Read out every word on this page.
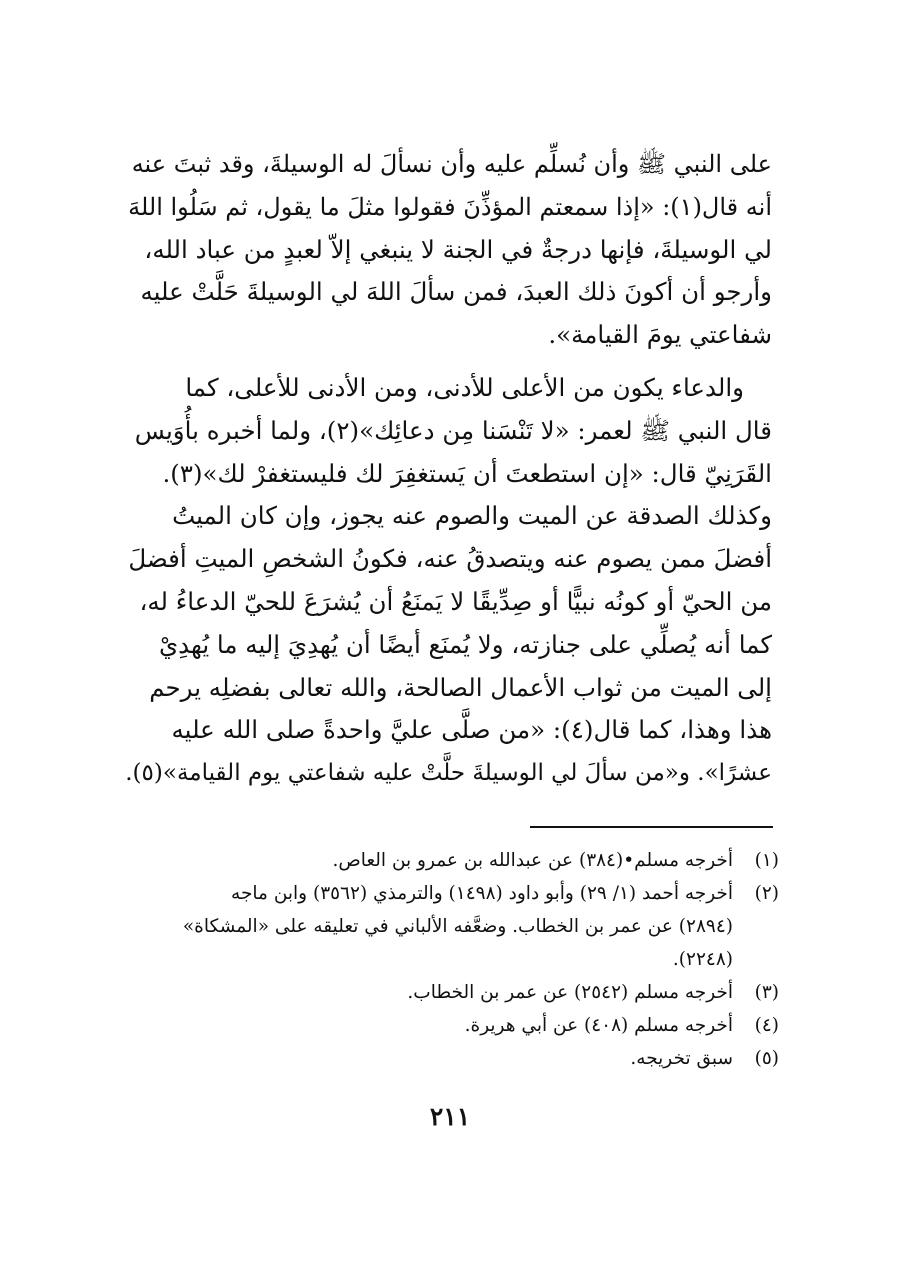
على النبي ﷺ وأن نُسلِّم عليه وأن نسألَ له الوسيلةَ، وقد ثبتَ عنه
أنه قال(١): «إذا سمعتم المؤذِّنَ فقولوا مثلَ ما يقول، ثم سَلُوا اللهَ
لي الوسيلةَ، فإنها درجةٌ في الجنة لا ينبغي إلاّ لعبدٍ من عباد الله،
وأرجو أن أكونَ ذلك العبدَ، فمن سألَ اللهَ لي الوسيلةَ حَلَّتْ عليه
شفاعتي يومَ القيامة».

والدعاء يكون من الأعلى للأدنى، ومن الأدنى للأعلى، كما
قال النبي ﷺ لعمر: «لا تَنْسَنا مِن دعائِك»(٢)، ولما أخبره بأُوَيس
القَرَنِيّ قال: «إن استطعتَ أن يَستغفِرَ لك فليستغفرْ لك»(٣).
وكذلك الصدقة عن الميت والصوم عنه يجوز، وإن كان الميتُ
أفضلَ ممن يصوم عنه ويتصدقُ عنه، فكونُ الشخصِ الميتِ أفضلَ
من الحيّ أو كونُه نبيًّا أو صِدِّيقًا لا يَمنَعُ أن يُشرَعَ للحيّ الدعاءُ له،
كما أنه يُصلِّي على جنازته، ولا يُمنَع أيضًا أن يُهدِيَ إليه ما يُهدِيْ
إلى الميت من ثواب الأعمال الصالحة، والله تعالى بفضلِه يرحم
هذا وهذا، كما قال(٤): «من صلَّى عليَّ واحدةً صلى الله عليه
عشرًا». و«من سألَ لي الوسيلةَ حلَّتْ عليه شفاعتي يوم القيامة»(٥).

(١)
أخرجه مسلم•(٣٨٤) عن عبدالله بن عمرو بن العاص.
(٢)
أخرجه أحمد (١/ ٢٩) وأبو داود (١٤٩٨) والترمذي (٣٥٦٢) وابن ماجه
(٢٨٩٤) عن عمر بن الخطاب. وضعَّفه الألباني في تعليقه على «المشكاة»
(٢٢٤٨).
(٣)
أخرجه مسلم (٢٥٤٢) عن عمر بن الخطاب.
(٤)
أخرجه مسلم (٤٠٨) عن أبي هريرة.
(٥)
سبق تخريجه.
٢١١
